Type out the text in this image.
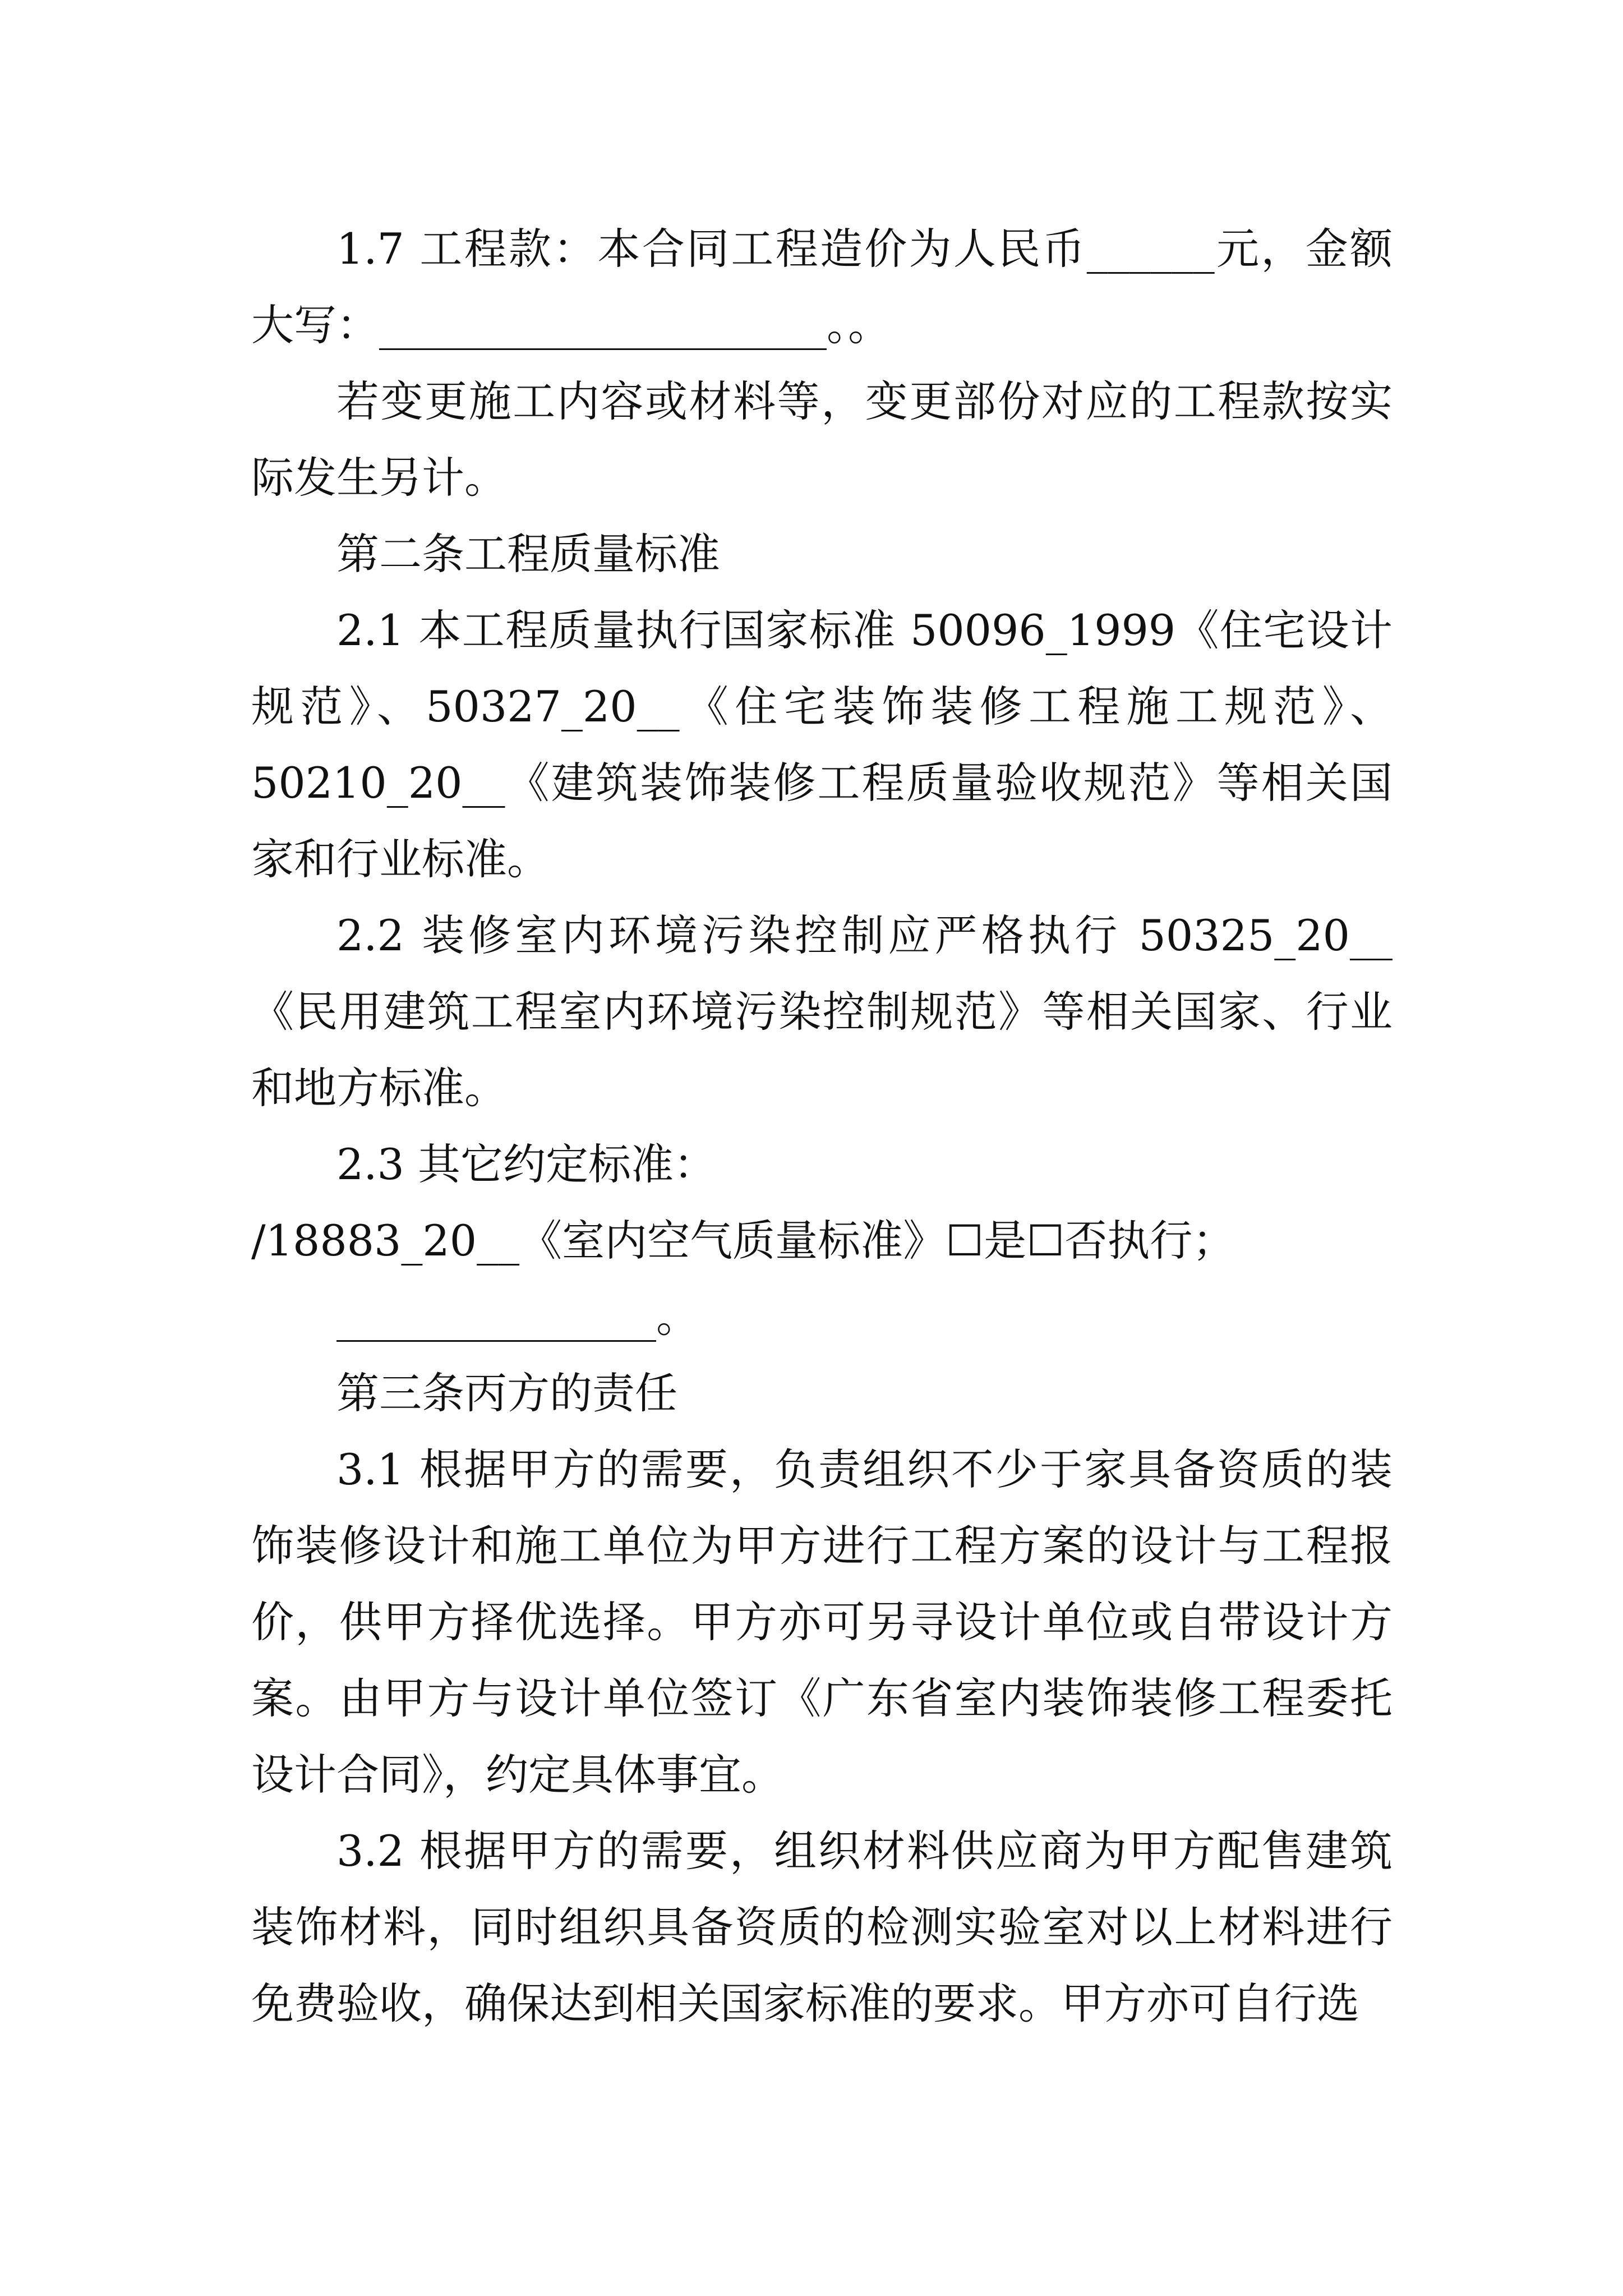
1.7 工程款：本合同工程造价为人民币______元，金额大写：_____________________。。

若变更施工内容或材料等，变更部份对应的工程款按实际发生另计。

第二条工程质量标准

2.1 本工程质量执行国家标准 50096_1999《住宅设计规范》、50327_20__《住宅装饰装修工程施工规范》、50210_20__《建筑装饰装修工程质量验收规范》等相关国家和行业标准。

2.2 装修室内环境污染控制应严格执行 50325_20__《民用建筑工程室内环境污染控制规范》等相关国家、行业和地方标准。

2.3 其它约定标准：

/18883_20__《室内空气质量标准》☐是☐否执行；

_______________。

第三条丙方的责任

3.1 根据甲方的需要，负责组织不少于家具备资质的装饰装修设计和施工单位为甲方进行工程方案的设计与工程报价，供甲方择优选择。甲方亦可另寻设计单位或自带设计方案。由甲方与设计单位签订《广东省室内装饰装修工程委托设计合同》，约定具体事宜。

3.2 根据甲方的需要，组织材料供应商为甲方配售建筑装饰材料，同时组织具备资质的检测实验室对以上材料进行免费验收，确保达到相关国家标准的要求。甲方亦可自行选
